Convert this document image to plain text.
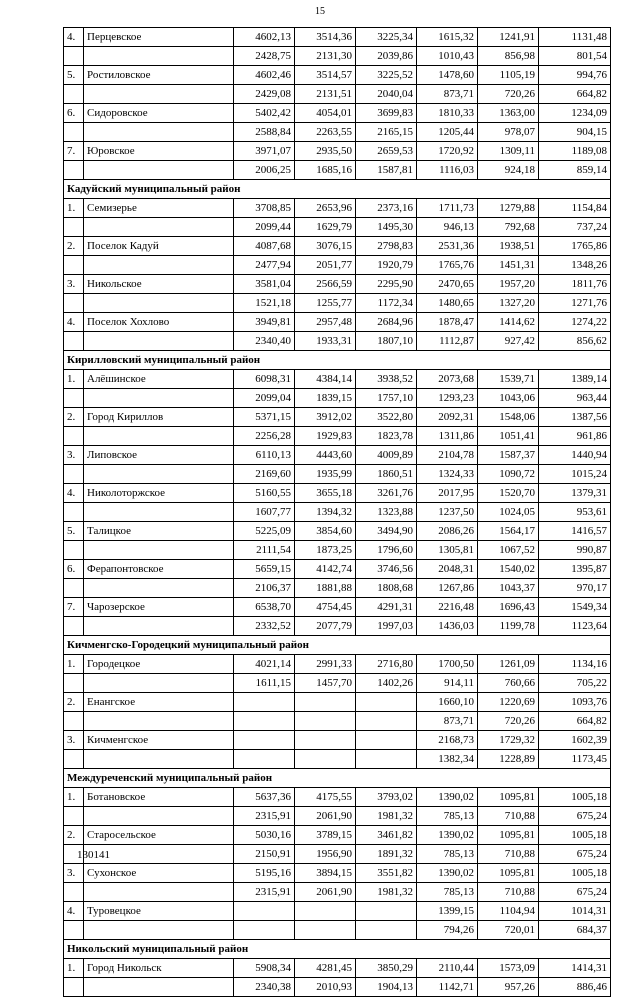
15
4.	Перцевское	4602,13	3514,36	3225,34	1615,32	1241,91	1131,48
		2428,75	2131,30	2039,86	1010,43	856,98	801,54
5.	Ростиловское	4602,46	3514,57	3225,52	1478,60	1105,19	994,76
		2429,08	2131,51	2040,04	873,71	720,26	664,82
6.	Сидоровское	5402,42	4054,01	3699,83	1810,33	1363,00	1234,09
		2588,84	2263,55	2165,15	1205,44	978,07	904,15
7.	Юровское	3971,07	2935,50	2659,53	1720,92	1309,11	1189,08
		2006,25	1685,16	1587,81	1116,03	924,18	859,14
Кадуйский муниципальный район							
1.	Семизерье	3708,85	2653,96	2373,16	1711,73	1279,88	1154,84
		2099,44	1629,79	1495,30	946,13	792,68	737,24
2.	Поселок Кадуй	4087,68	3076,15	2798,83	2531,36	1938,51	1765,86
		2477,94	2051,77	1920,79	1765,76	1451,31	1348,26
3.	Никольское	3581,04	2566,59	2295,90	2470,65	1957,20	1811,76
		1521,18	1255,77	1172,34	1480,65	1327,20	1271,76
4.	Поселок Хохлово	3949,81	2957,48	2684,96	1878,47	1414,62	1274,22
		2340,40	1933,31	1807,10	1112,87	927,42	856,62
Кирилловский муниципальный район							
1.	Алёшинское	6098,31	4384,14	3938,52	2073,68	1539,71	1389,14
		2099,04	1839,15	1757,10	1293,23	1043,06	963,44
2.	Город Кириллов	5371,15	3912,02	3522,80	2092,31	1548,06	1387,56
		2256,28	1929,83	1823,78	1311,86	1051,41	961,86
3.	Липовское	6110,13	4443,60	4009,89	2104,78	1587,37	1440,94
		2169,60	1935,99	1860,51	1324,33	1090,72	1015,24
4.	Николоторжское	5160,55	3655,18	3261,76	2017,95	1520,70	1379,31
		1607,77	1394,32	1323,88	1237,50	1024,05	953,61
5.	Талицкое	5225,09	3854,60	3494,90	2086,26	1564,17	1416,57
		2111,54	1873,25	1796,60	1305,81	1067,52	990,87
6.	Ферапонтовское	5659,15	4142,74	3746,56	2048,31	1540,02	1395,87
		2106,37	1881,88	1808,68	1267,86	1043,37	970,17
7.	Чарозерское	6538,70	4754,45	4291,31	2216,48	1696,43	1549,34
		2332,52	2077,79	1997,03	1436,03	1199,78	1123,64
Кичменгско-Городецкий муниципальный район							
1.	Городецкое	4021,14	2991,33	2716,80	1700,50	1261,09	1134,16
		1611,15	1457,70	1402,26	914,11	760,66	705,22
2.	Енангское				1660,10	1220,69	1093,76
					873,71	720,26	664,82
3.	Кичменгское				2168,73	1729,32	1602,39
					1382,34	1228,89	1173,45
Междуреченский муниципальный район							
1.	Ботановское	5637,36	4175,55	3793,02	1390,02	1095,81	1005,18
		2315,91	2061,90	1981,32	785,13	710,88	675,24
2.	Старосельское	5030,16	3789,15	3461,82	1390,02	1095,81	1005,18
		2150,91	1956,90	1891,32	785,13	710,88	675,24
3.	Сухонское	5195,16	3894,15	3551,82	1390,02	1095,81	1005,18
		2315,91	2061,90	1981,32	785,13	710,88	675,24
4.	Туровецкое				1399,15	1104,94	1014,31
					794,26	720,01	684,37
Никольский муниципальный район							
1.	Город Никольск	5908,34	4281,45	3850,29	2110,44	1573,09	1414,31
		2340,38	2010,93	1904,13	1142,71	957,26	886,46
130141
